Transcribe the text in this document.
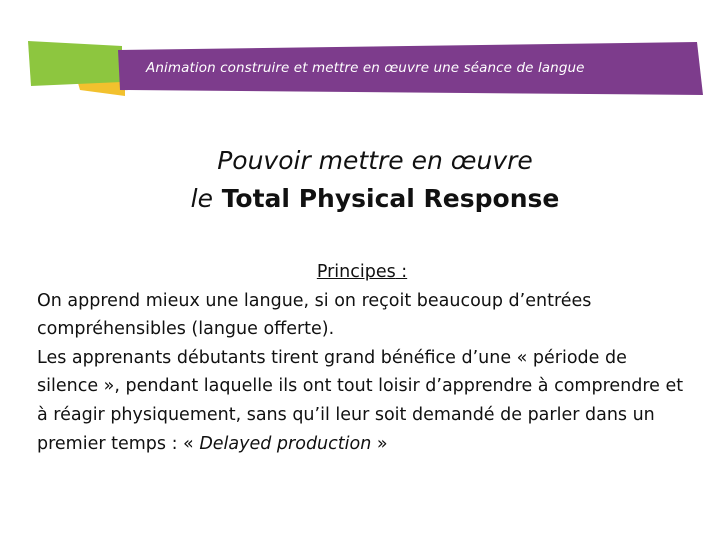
Animation construire et mettre en œuvre une séance de langue
Pouvoir mettre en œuvre
le Total Physical Response

Principes :

On apprend mieux une langue, si on reçoit beaucoup d’entrées compréhensibles (langue offerte).

Les apprenants débutants tirent grand bénéfice d’une « période de silence », pendant laquelle ils ont tout loisir d’apprendre à comprendre et à réagir physiquement, sans qu’il leur soit demandé de parler dans un premier temps : « Delayed production »
